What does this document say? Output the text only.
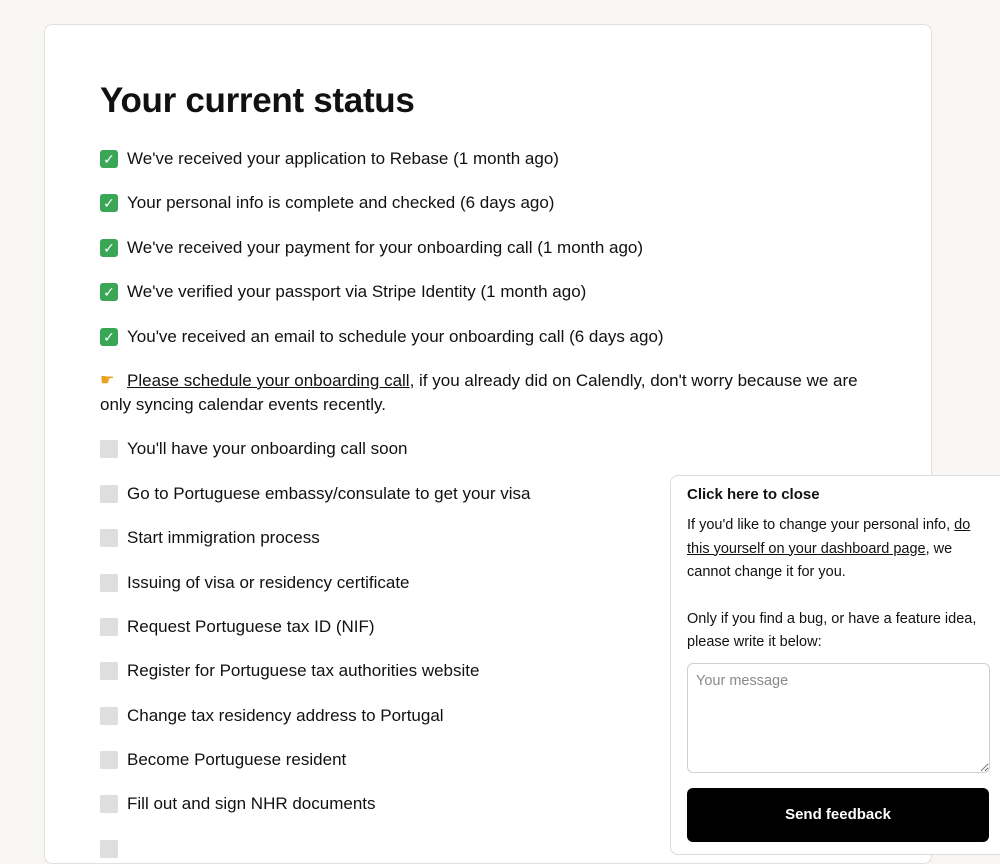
Your current status
✓ We've received your application to Rebase (1 month ago)
✓ Your personal info is complete and checked (6 days ago)
✓ We've received your payment for your onboarding call (1 month ago)
✓ We've verified your passport via Stripe Identity (1 month ago)
✓ You've received an email to schedule your onboarding call (6 days ago)
☛ Please schedule your onboarding call, if you already did on Calendly, don't worry because we are only syncing calendar events recently.
You'll have your onboarding call soon
Go to Portuguese embassy/consulate to get your visa
Start immigration process
Issuing of visa or residency certificate
Request Portuguese tax ID (NIF)
Register for Portuguese tax authorities website
Change tax residency address to Portugal
Become Portuguese resident
Fill out and sign NHR documents
Click here to close

If you'd like to change your personal info, do this yourself on your dashboard page, we cannot change it for you.

Only if you find a bug, or have a feature idea, please write it below:

Your message
Send feedback
